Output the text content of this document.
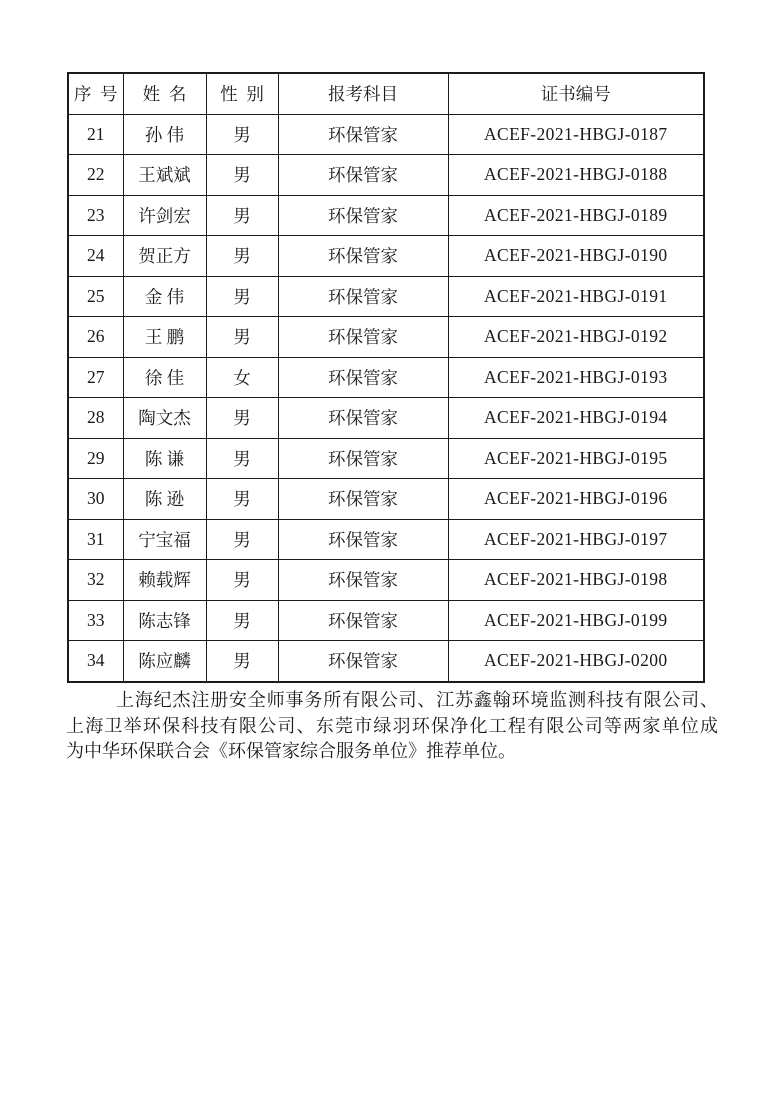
序  号	姓  名	性  别	报考科目	证书编号
21	孙 伟	男	环保管家	ACEF-2021-HBGJ-0187
22	王斌斌	男	环保管家	ACEF-2021-HBGJ-0188
23	许剑宏	男	环保管家	ACEF-2021-HBGJ-0189
24	贺正方	男	环保管家	ACEF-2021-HBGJ-0190
25	金 伟	男	环保管家	ACEF-2021-HBGJ-0191
26	王 鹏	男	环保管家	ACEF-2021-HBGJ-0192
27	徐 佳	女	环保管家	ACEF-2021-HBGJ-0193
28	陶文杰	男	环保管家	ACEF-2021-HBGJ-0194
29	陈 谦	男	环保管家	ACEF-2021-HBGJ-0195
30	陈 逊	男	环保管家	ACEF-2021-HBGJ-0196
31	宁宝福	男	环保管家	ACEF-2021-HBGJ-0197
32	赖载辉	男	环保管家	ACEF-2021-HBGJ-0198
33	陈志锋	男	环保管家	ACEF-2021-HBGJ-0199
34	陈应麟	男	环保管家	ACEF-2021-HBGJ-0200
上海纪杰注册安全师事务所有限公司、江苏鑫翰环境监测科技有限公司、
上海卫举环保科技有限公司、东莞市绿羽环保净化工程有限公司等两家单位成
为中华环保联合会《环保管家综合服务单位》推荐单位。
